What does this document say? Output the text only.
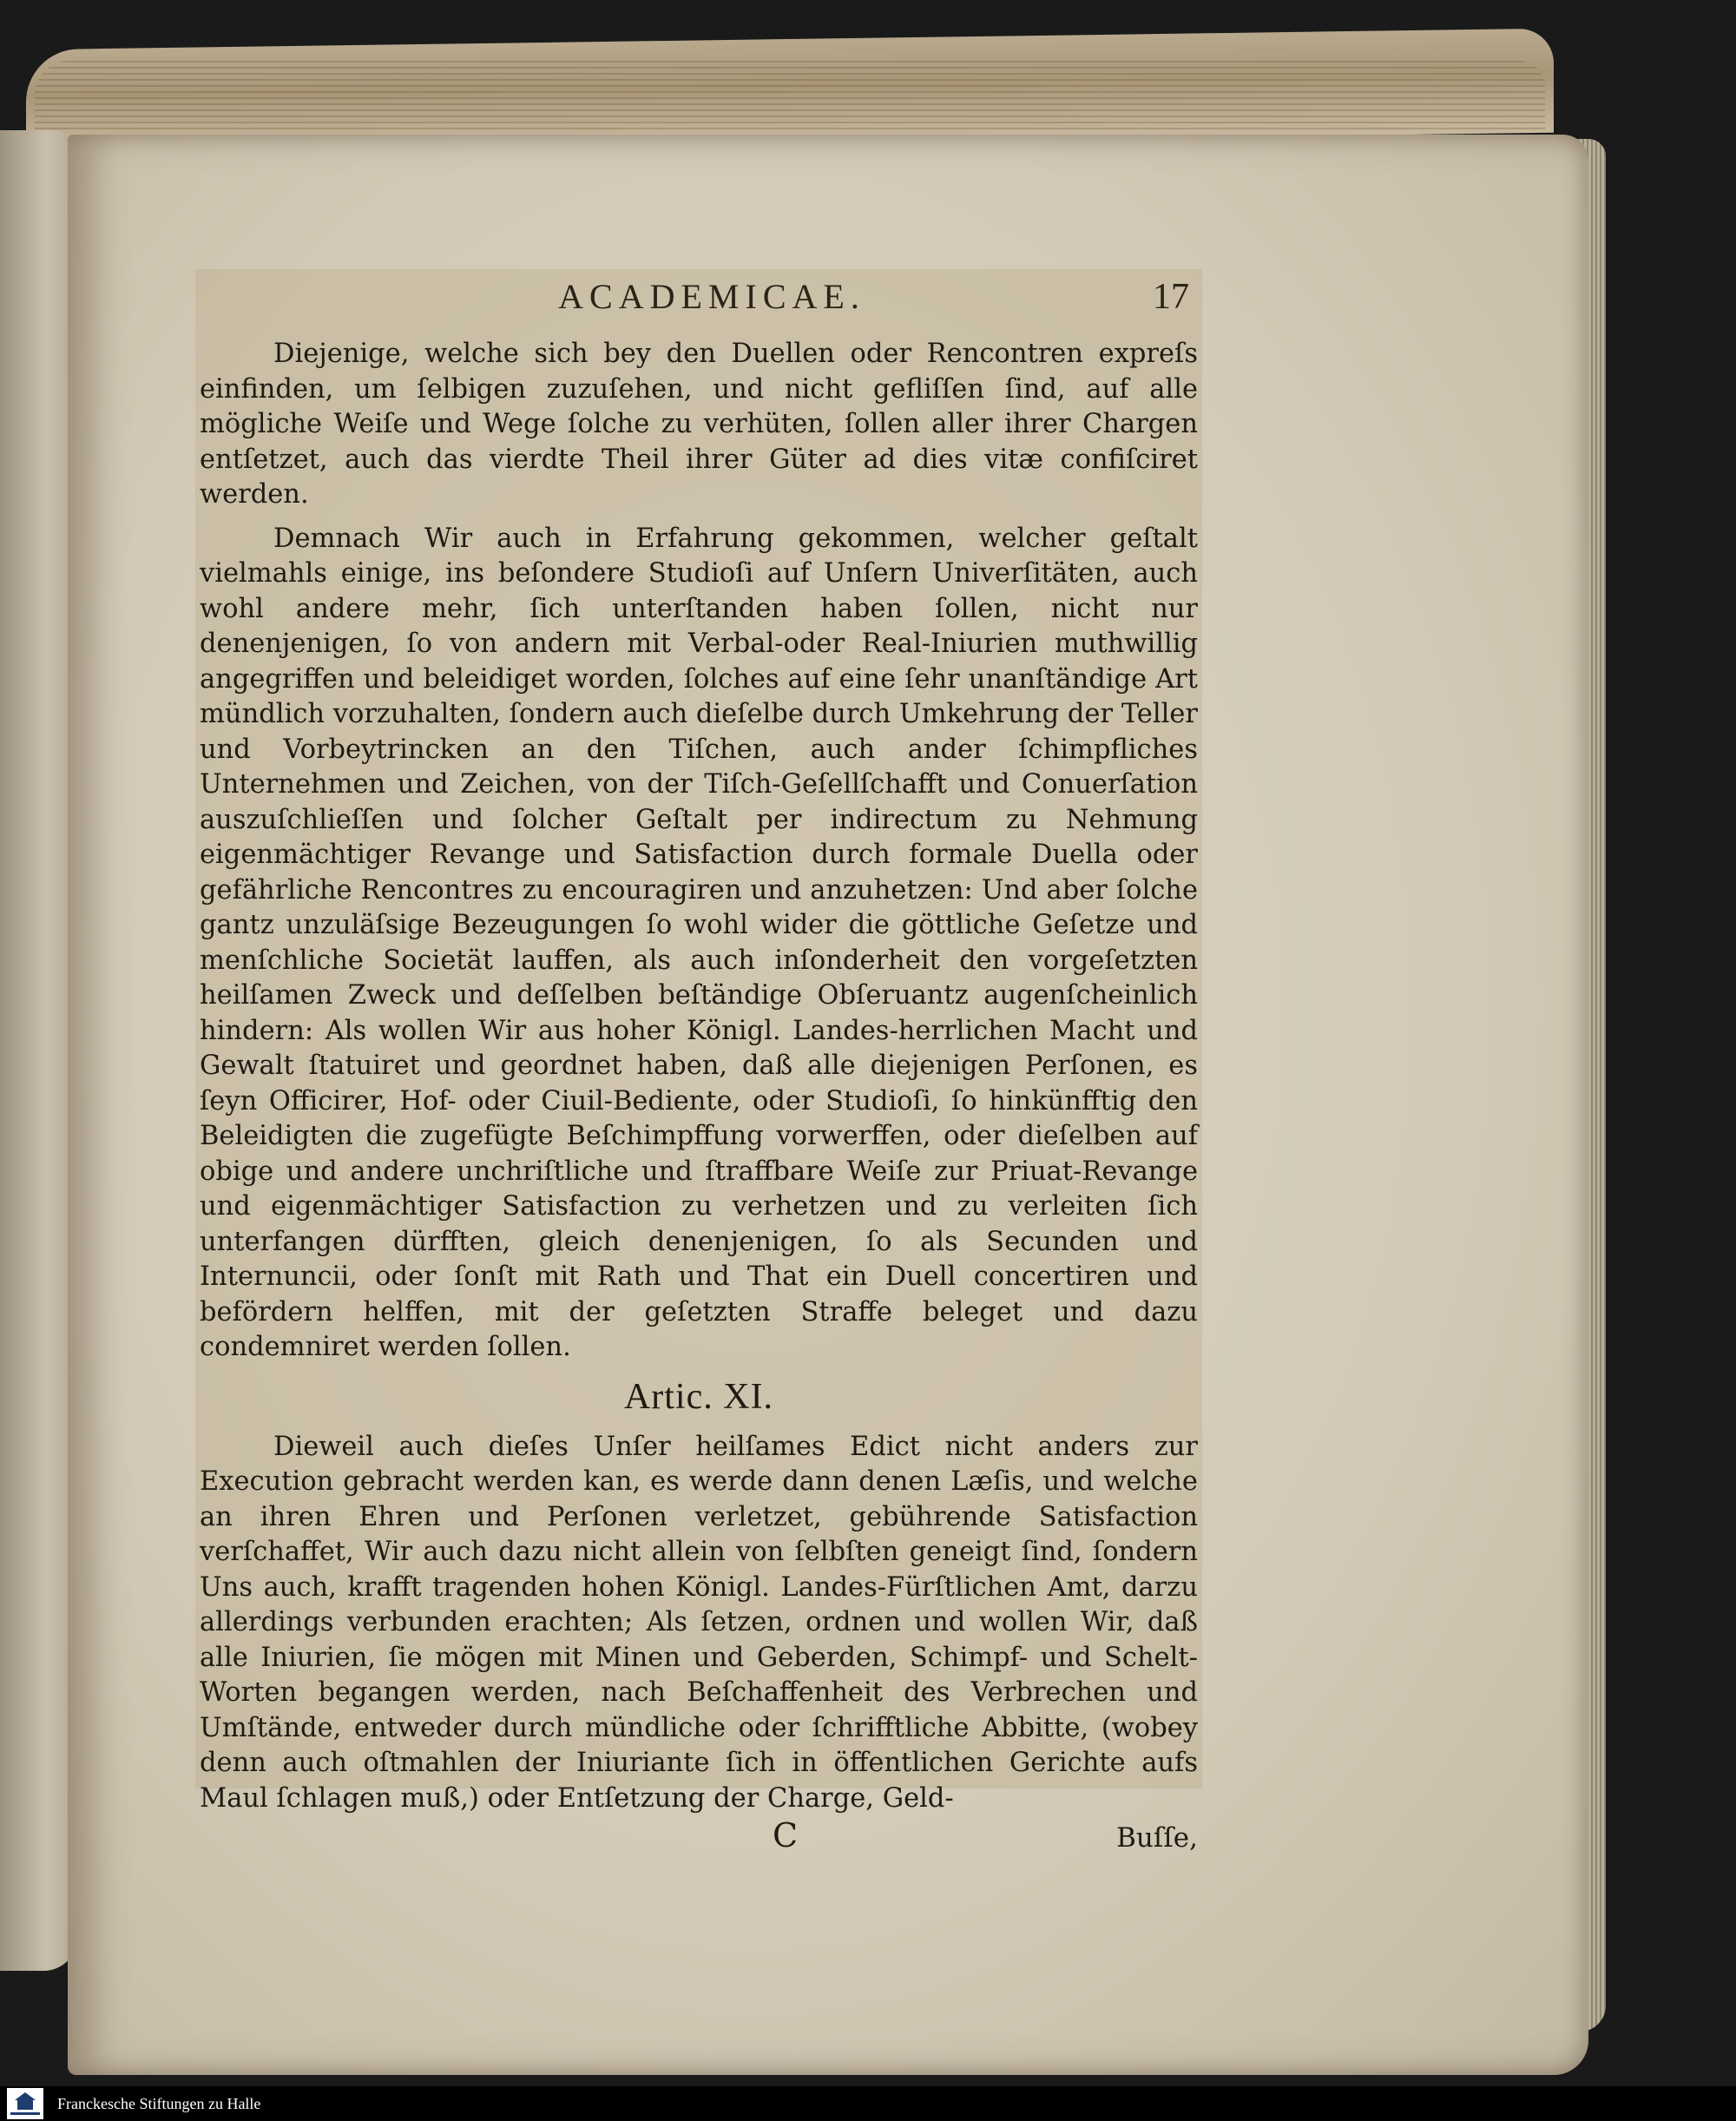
ACADEMICAE.	17

Diejenige, welche sich bey den Duellen oder Rencontren expreſs einfinden, um ſelbigen zuzuſehen, und nicht gefliſſen ſind, auf alle mögliche Weiſe und Wege ſolche zu verhüten, ſollen aller ihrer Chargen entſetzet, auch das vierdte Theil ihrer Güter ad dies vitæ confiſciret werden.

Demnach Wir auch in Erfahrung gekommen, welcher geſtalt vielmahls einige, ins beſondere Studioſi auf Unſern Univerſitäten, auch wohl andere mehr, ſich unterſtanden haben ſollen, nicht nur denenjenigen, ſo von andern mit Verbal-oder Real-Iniurien muthwillig angegriffen und beleidiget worden, ſolches auf eine ſehr unanſtändige Art mündlich vorzuhalten, ſondern auch dieſelbe durch Umkehrung der Teller und Vorbeytrincken an den Tiſchen, auch ander ſchimpfliches Unternehmen und Zeichen, von der Tiſch-Geſellſchafft und Conuerſation auszuſchlieſſen und ſolcher Geſtalt per indirectum zu Nehmung eigenmächtiger Revange und Satisfaction durch formale Duella oder gefährliche Rencontres zu encouragiren und anzuhetzen: Und aber ſolche gantz unzuläſsige Bezeugungen ſo wohl wider die göttliche Geſetze und menſchliche Societät lauffen, als auch inſonderheit den vorgeſetzten heilſamen Zweck und deſſelben beſtändige Obſeruantz augenſcheinlich hindern: Als wollen Wir aus hoher Königl. Landes-herrlichen Macht und Gewalt ſtatuiret und geordnet haben, daß alle diejenigen Perſonen, es ſeyn Officirer, Hof- oder Ciuil-Bediente, oder Studioſi, ſo hinkünfftig den Beleidigten die zugefügte Beſchimpffung vorwerffen, oder dieſelben auf obige und andere unchriſtliche und ſtraffbare Weiſe zur Priuat-Revange und eigenmächtiger Satisfaction zu verhetzen und zu verleiten ſich unterfangen dürfften, gleich denenjenigen, ſo als Secunden und Internuncii, oder ſonſt mit Rath und That ein Duell concertiren und befördern helffen, mit der geſetzten Straffe beleget und dazu condemniret werden ſollen.

Artic. XI.

Dieweil auch dieſes Unſer heilſames Edict nicht anders zur Execution gebracht werden kan, es werde dann denen Læſis, und welche an ihren Ehren und Perſonen verletzet, gebührende Satisfaction verſchaffet, Wir auch dazu nicht allein von ſelbſten geneigt ſind, ſondern Uns auch, krafft tragenden hohen Königl. Landes-Fürſtlichen Amt, darzu allerdings verbunden erachten; Als ſetzen, ordnen und wollen Wir, daß alle Iniurien, ſie mögen mit Minen und Geberden, Schimpf- und Schelt-Worten begangen werden, nach Beſchaffenheit des Verbrechen und Umſtände, entweder durch mündliche oder ſchrifftliche Abbitte, (wobey denn auch oſtmahlen der Iniuriante ſich in öffentlichen Gerichte aufs Maul ſchlagen muß,) oder Entſetzung der Charge, Geld-

C	Buſſe,
Franckesche Stiftungen zu Halle
